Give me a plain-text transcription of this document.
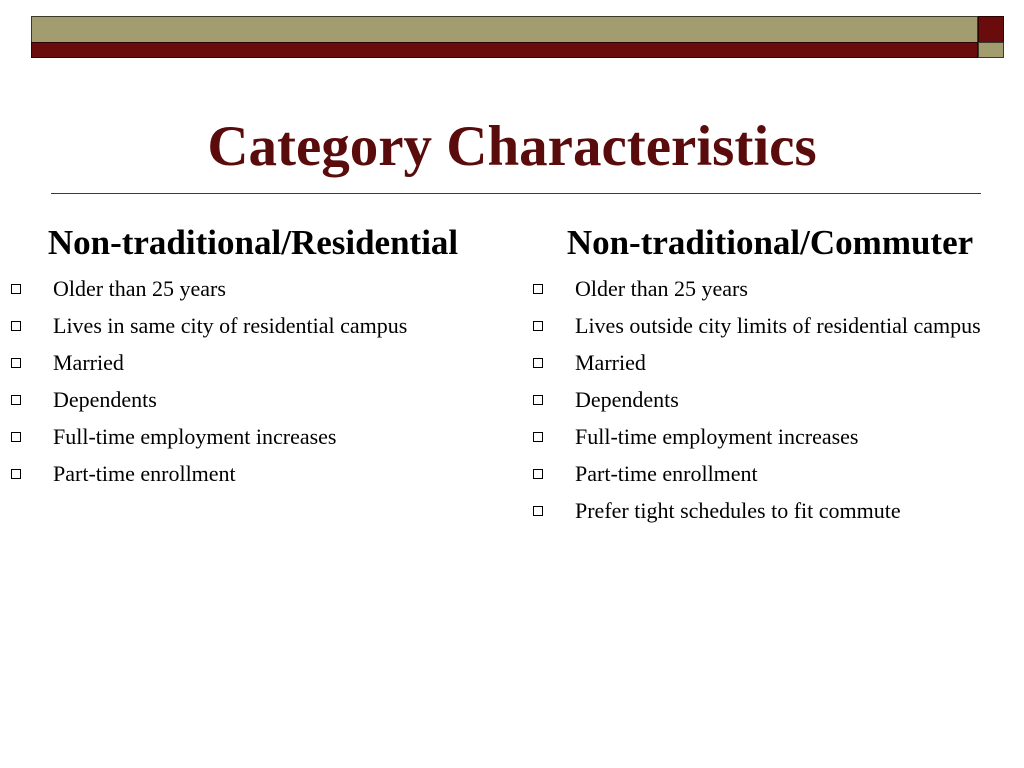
Category Characteristics
Non-traditional/Residential
Older than 25 years
Lives in same city of residential campus
Married
Dependents
Full-time employment increases
Part-time enrollment
Non-traditional/Commuter
Older than 25 years
Lives outside city limits of residential campus
Married
Dependents
Full-time employment increases
Part-time enrollment
Prefer tight schedules to fit commute
